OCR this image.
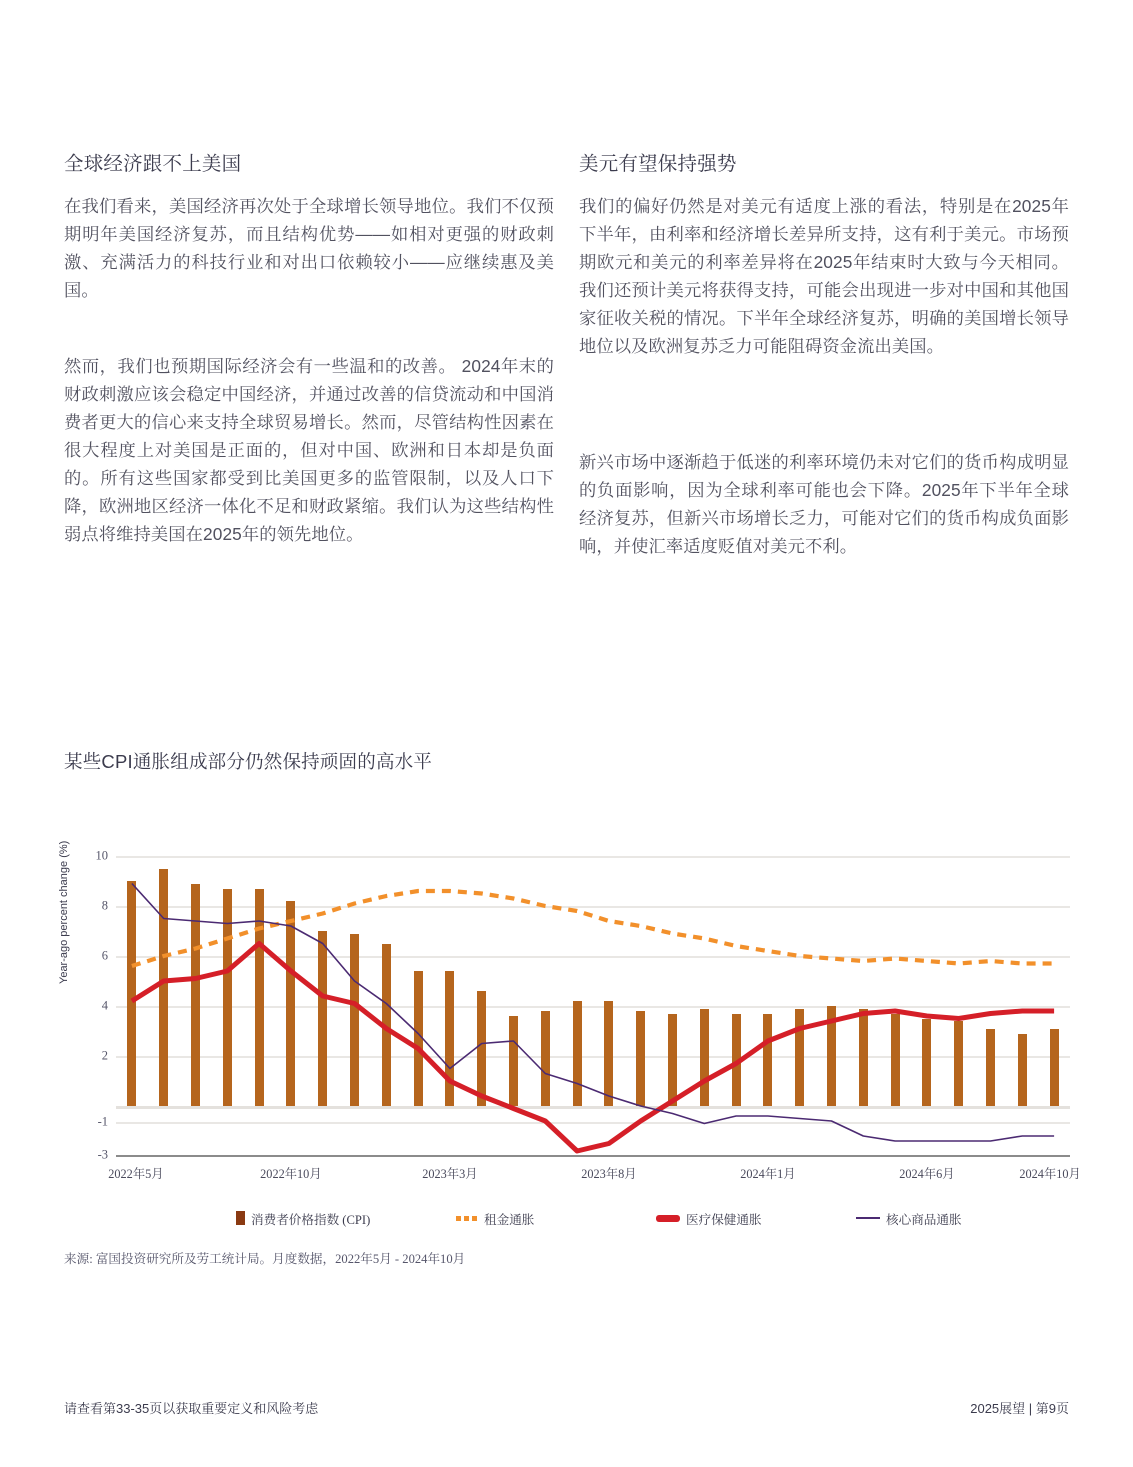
全球经济跟不上美国

在我们看来，美国经济再次处于全球增长领导地位。我们不仅预期明年美国经济复苏，而且结构优势——如相对更强的财政刺激、充满活力的科技行业和对出口依赖较小——应继续惠及美国。

然而，我们也预期国际经济会有一些温和的改善。 2024年末的财政刺激应该会稳定中国经济，并通过改善的信贷流动和中国消费者更大的信心来支持全球贸易增长。然而，尽管结构性因素在很大程度上对美国是正面的，但对中国、欧洲和日本却是负面的。所有这些国家都受到比美国更多的监管限制，以及人口下降，欧洲地区经济一体化不足和财政紧缩。我们认为这些结构性弱点将维持美国在2025年的领先地位。

美元有望保持强势

我们的偏好仍然是对美元有适度上涨的看法，特别是在2025年下半年，由利率和经济增长差异所支持，这有利于美元。市场预期欧元和美元的利率差异将在2025年结束时大致与今天相同。我们还预计美元将获得支持，可能会出现进一步对中国和其他国家征收关税的情况。下半年全球经济复苏，明确的美国增长领导地位以及欧洲复苏乏力可能阻碍资金流出美国。

新兴市场中逐渐趋于低迷的利率环境仍未对它们的货币构成明显的负面影响，因为全球利率可能也会下降。2025年下半年全球经济复苏，但新兴市场增长乏力，可能对它们的货币构成负面影响，并使汇率适度贬值对美元不利。

某些CPI通胀组成部分仍然保持顽固的高水平
Year-ago percent change (%) 10
8
6
4
2
-1
-3
2022年5月	2022年10月	2023年3月	2023年8月	2024年1月	2024年6月	2024年10月
消费者价格指数 (CPI)	租金通胀	医疗保健通胀	核心商品通胀
来源: 富国投资研究所及劳工统计局。月度数据，2022年5月 - 2024年10月
请查看第33-35页以获取重要定义和风险考虑	2025展望 | 第9页
